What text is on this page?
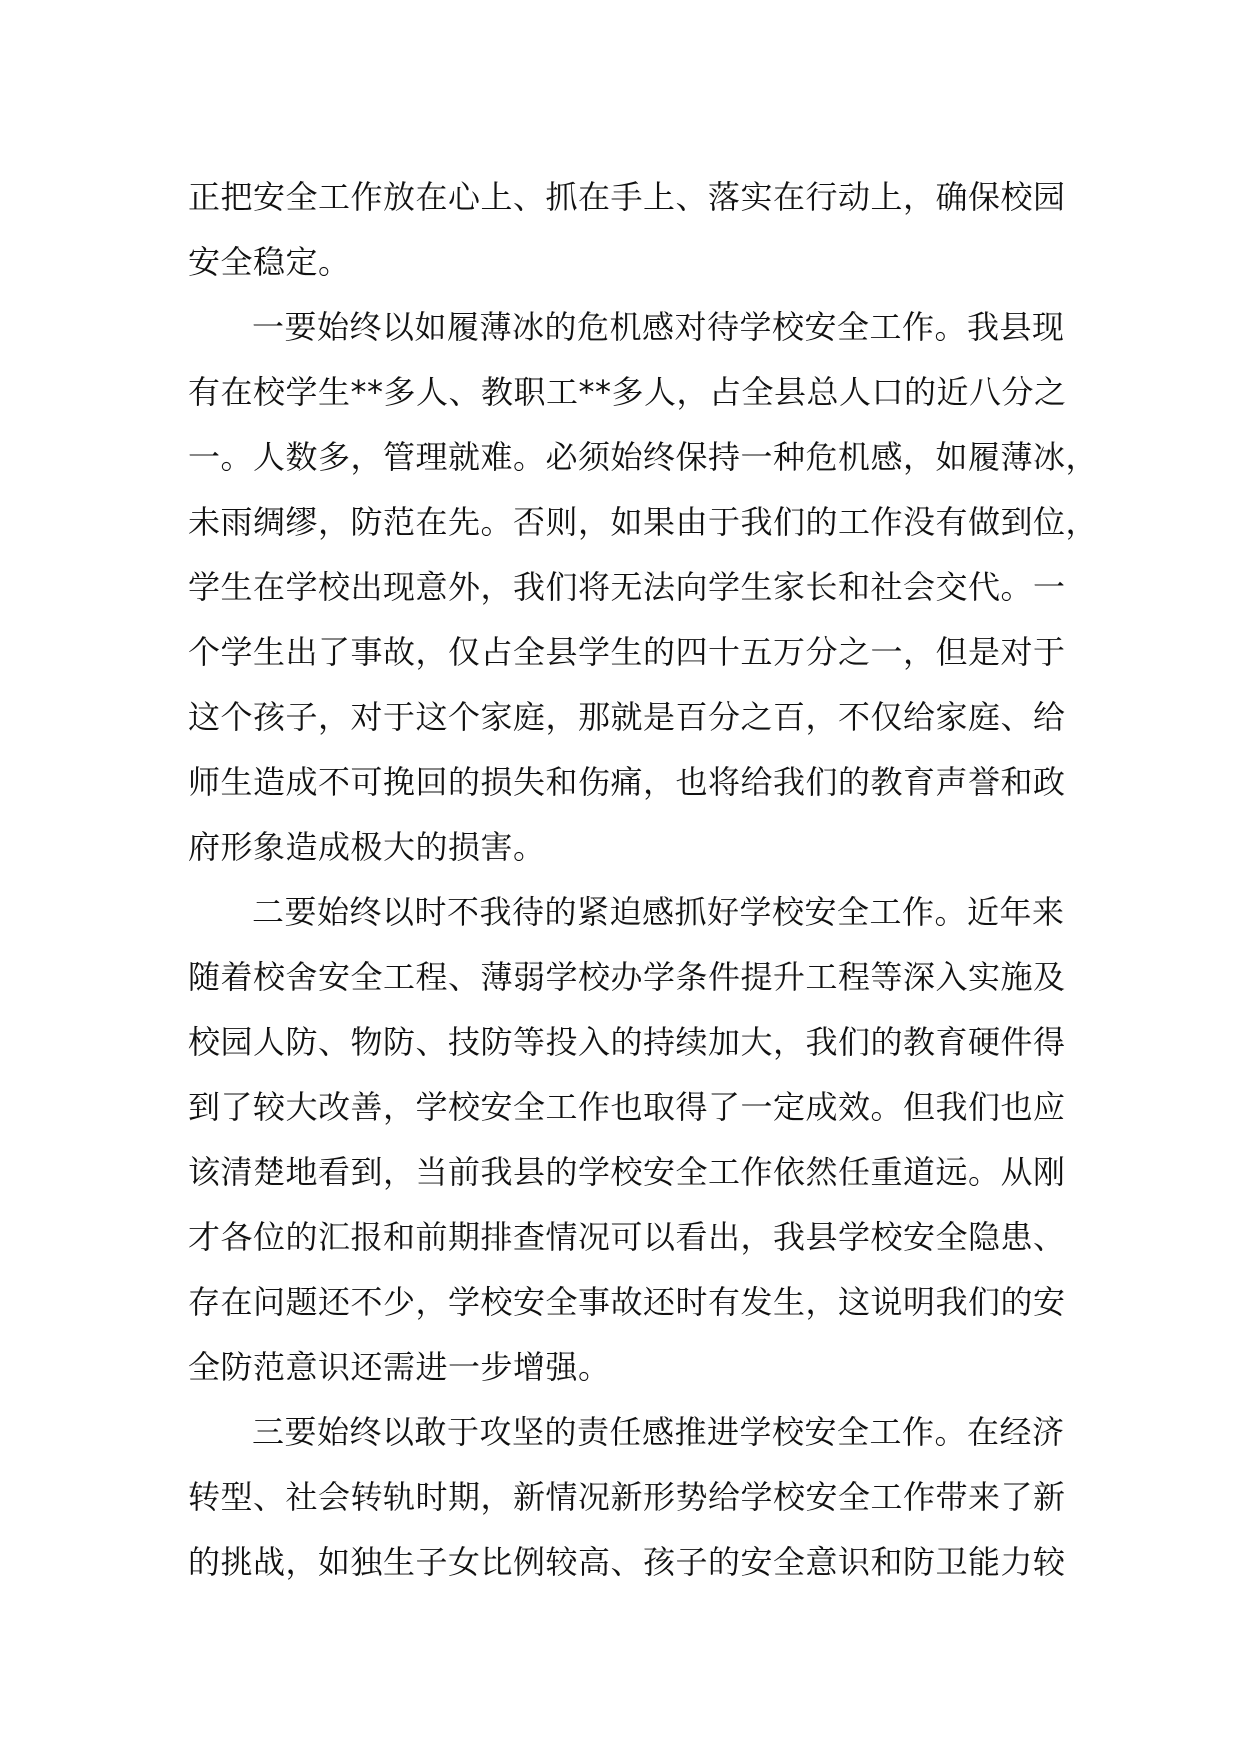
正把安全工作放在心上、抓在手上、落实在行动上，确保校园
安全稳定。
一要始终以如履薄冰的危机感对待学校安全工作。我县现
有在校学生**多人、教职工**多人，占全县总人口的近八分之
一。人数多，管理就难。必须始终保持一种危机感，如履薄冰，
未雨绸缪，防范在先。否则，如果由于我们的工作没有做到位，
学生在学校出现意外，我们将无法向学生家长和社会交代。一
个学生出了事故，仅占全县学生的四十五万分之一，但是对于
这个孩子，对于这个家庭，那就是百分之百，不仅给家庭、给
师生造成不可挽回的损失和伤痛，也将给我们的教育声誉和政
府形象造成极大的损害。
二要始终以时不我待的紧迫感抓好学校安全工作。近年来
随着校舍安全工程、薄弱学校办学条件提升工程等深入实施及
校园人防、物防、技防等投入的持续加大，我们的教育硬件得
到了较大改善，学校安全工作也取得了一定成效。但我们也应
该清楚地看到，当前我县的学校安全工作依然任重道远。从刚
才各位的汇报和前期排查情况可以看出，我县学校安全隐患、
存在问题还不少，学校安全事故还时有发生，这说明我们的安
全防范意识还需进一步增强。
三要始终以敢于攻坚的责任感推进学校安全工作。在经济
转型、社会转轨时期，新情况新形势给学校安全工作带来了新
的挑战，如独生子女比例较高、孩子的安全意识和防卫能力较
